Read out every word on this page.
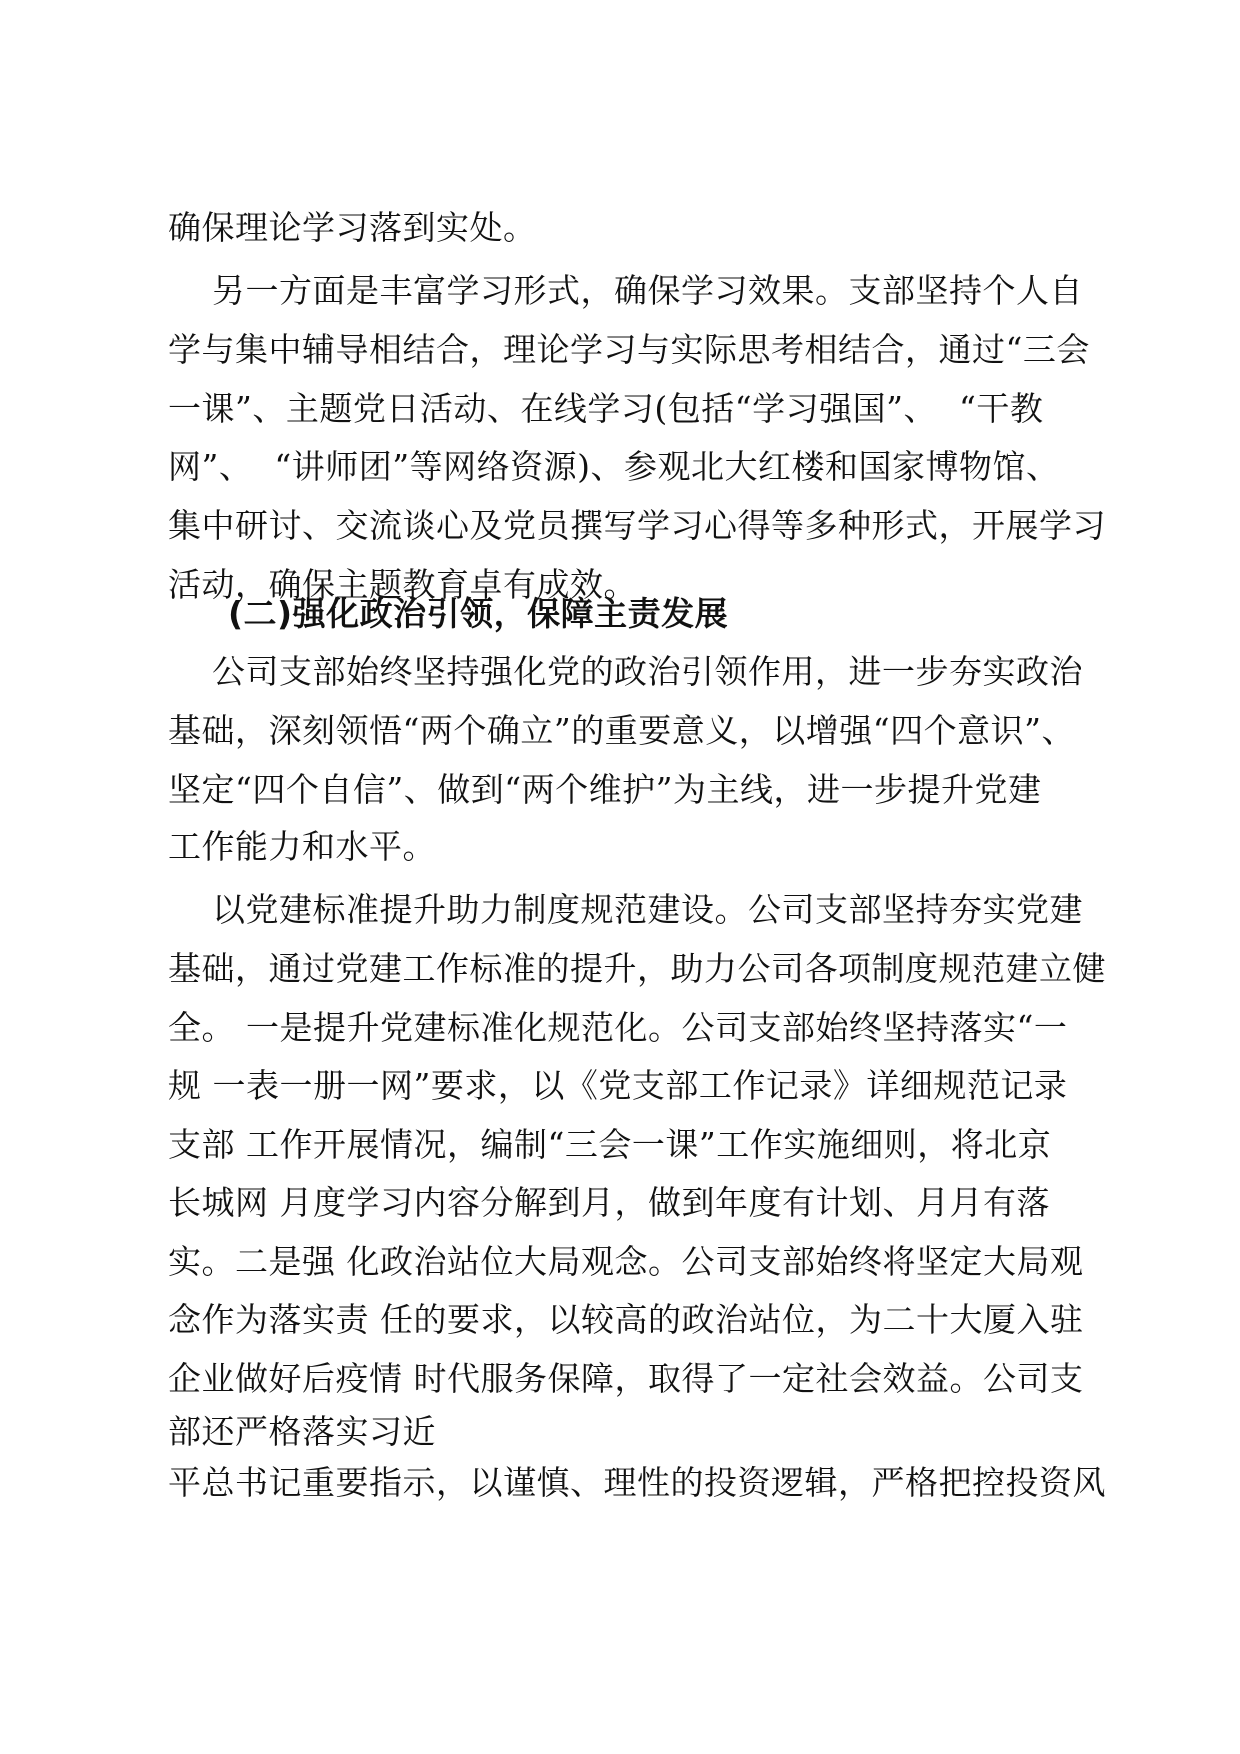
确保理论学习落到实处。
另一方面是丰富学习形式，确保学习效果。支部坚持个人自
学与集中辅导相结合，理论学习与实际思考相结合，通过“三会
一课”、主题党日活动、在线学习(包括“学习强国”、  “干教
网”、  “讲师团”等网络资源)、参观北大红楼和国家博物馆、
集中研讨、交流谈心及党员撰写学习心得等多种形式，开展学习
活动，确保主题教育卓有成效。
(二)强化政治引领，保障主责发展
公司支部始终坚持强化党的政治引领作用，进一步夯实政治
基础，深刻领悟“两个确立”的重要意义，以增强“四个意识”、
坚定“四个自信”、做到“两个维护”为主线，进一步提升党建
工作能力和水平。
以党建标准提升助力制度规范建设。公司支部坚持夯实党建
基础，通过党建工作标准的提升，助力公司各项制度规范建立健
全。 一是提升党建标准化规范化。公司支部始终坚持落实“一
规 一表一册一网”要求，以《党支部工作记录》详细规范记录
支部 工作开展情况，编制“三会一课”工作实施细则，将北京
长城网 月度学习内容分解到月，做到年度有计划、月月有落
实。二是强 化政治站位大局观念。公司支部始终将坚定大局观
念作为落实责 任的要求，以较高的政治站位，为二十大厦入驻
企业做好后疫情 时代服务保障，取得了一定社会效益。公司支
部还严格落实习近
平总书记重要指示，以谨慎、理性的投资逻辑，严格把控投资风
